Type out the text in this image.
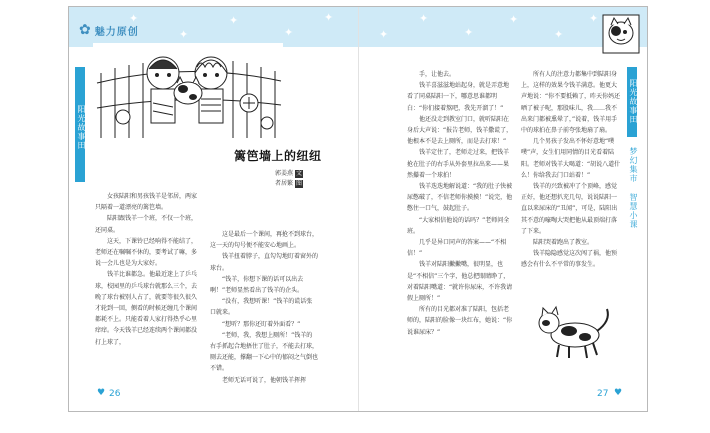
✦
✦
✦
✦
✦
✦
✦
✦
✦
✦
✦
✿ 魅力原创
阳光故事田
篱笆墙上的纽纽
郭姜燕 文
者居繁 图

女孩陆阳和男孩钱羊是邻居，两家只隔着一道漂亮的篱笆墙。

陆阳跟钱羊一个班，不仅一个班，还同桌。

这天，下课铃已经响得不能结了，老师还在嘱嘱不休的，要考试了嘛，多说一会儿也是为大家好。

钱羊比谁都急。他最近迷上了乒乓球，校园里的乒乓球台就那么三个，去晚了球台被别人占了，就要等很久很久才轮到一回，侧看的时候还缠几个课间都耗不上。只能看着人家打得热乎心里痒痒。今天钱羊已经连续两个课间都没打上球了，

这是最后一个课间，再抢不到球台，这一天的句号便不能安心地画上。

钱羊扭着脖子，直勾勾地盯着窗外的球台。

“钱羊，你想下课的话可以出去啊！”老师显然看出了钱羊的企头。

“没有，我想听课！”钱羊的谎话张口就来。

“想听？那你还盯着外面看？”

“老师，我，我想上厕所！”钱羊的右手抓起合地捂住了肚子，不能去打球，厕去还能，撑翻一下心中的郁闷之气倒也不错。

老师无话可说了，他朝钱羊挥挥

手，让他去。

钱羊喜滋滋地站起身，就是弄意地看了同桌陆阳一下，哪意思谁都明白：“你们接着熬吧，我先开溜了！”

他还没走到教室门口，就听陆阳在身后大声说：“报告老师，钱羊撒谎了，他根本不是去上厕所，而是去打球！”

钱羊定住了，老师走过来，把钱羊抢在肚子的右手从外套里拉出来——果然攥着一个球拍！

钱羊迭迭地解说道：“我的肚子快被尿憋破了，不信老师你摸摸！”说完，他憋住一口气，鼓起肚子。

“大家相信他说的话吗？”老师问全班。

几乎是异口同声的答案——“不相信！”

钱羊对陆阳撇撇嘴，很明显，也是“不相信”三个字，他总把眼睛睁了，对着陆阳嘴道：“就许你尿床，不许我请假上厕所！”

所有的目光都对准了陆阳，包括老师的，陆阳的脸像一块红布，她说：“你说谁尿床？”

所有人的注意力都集中到陆阳身上，这样的效果令钱羊满意。他更大声地说：“你不要抵赖了，昨天你妈还晒了被子呢，那股味儿，我……我不出来门都被熏晕了，”说着，钱羊用手中的球拍在鼻子前夸张地扇了扇。

几个男孩子发出不怀好意地“噗噗”声，女生们用同情的目光看着陆阳。老师对钱羊大喝道：“胡说八道什么！你给我去门口站着！”

钱羊的兴致被冲了个顶峰，感觉正好，他还想扒充几句，说说陆阳一直以来尿床的“丑闻”，可是，陆阳出其不意的嚎啕大哭把他从最顶端打落了下来。

陆阳哭着跑出了教室。

钱羊隐隐感觉这次闯了祸，他预感会有什么不平常的事发生。

阳光故事田
梦幻集市
智慧小课
♥ 26	27 ♥
